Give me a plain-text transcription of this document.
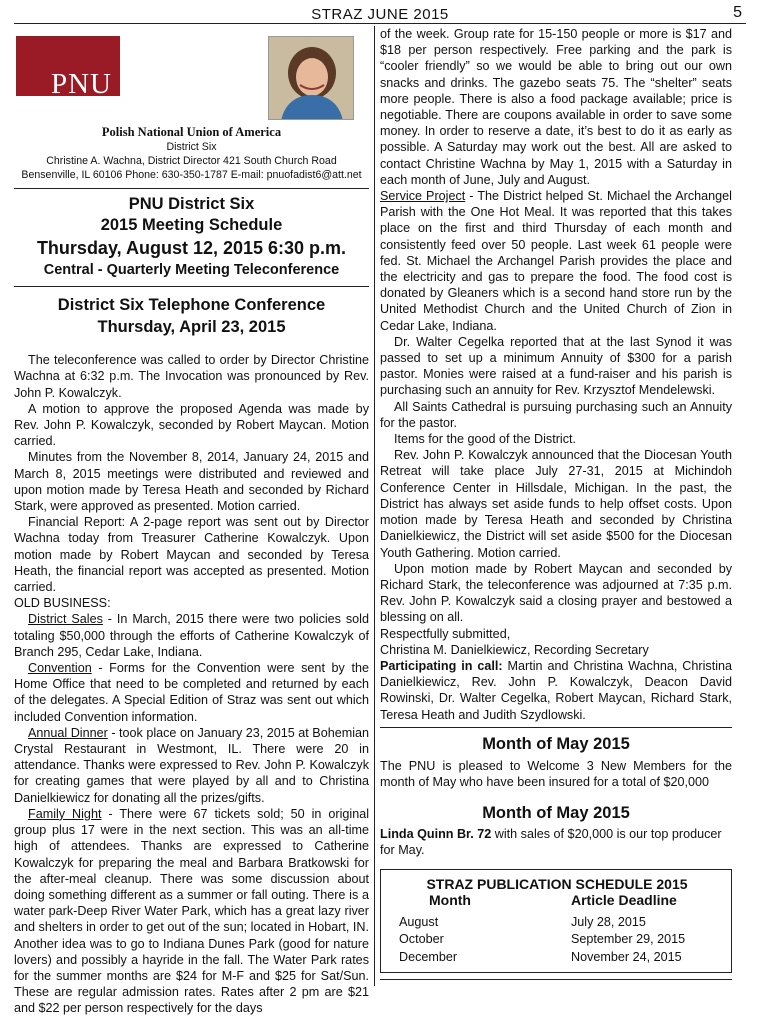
STRAZ JUNE 2015	5
PNU
Polish National Union of America
District Six
Christine A. Wachna, District Director 421 South Church Road
Bensenville, IL 60106 Phone: 630-350-1787 E-mail: pnuofadist6@att.net
PNU District Six
2015 Meeting Schedule
Thursday, August 12, 2015 6:30 p.m.
Central - Quarterly Meeting Teleconference
District Six Telephone Conference
Thursday, April 23, 2015

The teleconference was called to order by Director Christine Wachna at 6:32 p.m. The Invocation was pronounced by Rev. John P. Kowalczyk.

A motion to approve the proposed Agenda was made by Rev. John P. Kowalczyk, seconded by Robert Maycan. Motion carried.

Minutes from the November 8, 2014, January 24, 2015 and March 8, 2015 meetings were distributed and reviewed and upon motion made by Teresa Heath and seconded by Richard Stark, were approved as presented. Motion carried.

Financial Report: A 2-page report was sent out by Director Wachna today from Treasurer Catherine Kowalczyk. Upon motion made by Robert Maycan and seconded by Teresa Heath, the financial report was accepted as presented. Motion carried.

OLD BUSINESS:

District Sales - In March, 2015 there were two policies sold totaling $50,000 through the efforts of Catherine Kowalczyk of Branch 295, Cedar Lake, Indiana.

Convention - Forms for the Convention were sent by the Home Office that need to be completed and returned by each of the delegates. A Special Edition of Straz was sent out which included Convention information.

Annual Dinner - took place on January 23, 2015 at Bohemian Crystal Restaurant in Westmont, IL. There were 20 in attendance. Thanks were expressed to Rev. John P. Kowalczyk for creating games that were played by all and to Christina Danielkiewicz for donating all the prizes/gifts.

Family Night - There were 67 tickets sold; 50 in original group plus 17 were in the next section. This was an all-time high of attendees. Thanks are expressed to Catherine Kowalczyk for preparing the meal and Barbara Bratkowski for the after-meal cleanup. There was some discussion about doing something different as a summer or fall outing. There is a water park-Deep River Water Park, which has a great lazy river and shelters in order to get out of the sun; located in Hobart, IN. Another idea was to go to Indiana Dunes Park (good for nature lovers) and possibly a hayride in the fall. The Water Park rates for the summer months are $24 for M-F and $25 for Sat/Sun. These are regular admission rates. Rates after 2 pm are $21 and $22 per person respectively for the days

of the week. Group rate for 15-150 people or more is $17 and $18 per person respectively. Free parking and the park is “cooler friendly” so we would be able to bring out our own snacks and drinks. The gazebo seats 75. The “shelter” seats more people. There is also a food package available; price is negotiable. There are coupons available in order to save some money. In order to reserve a date, it’s best to do it as early as possible. A Saturday may work out the best. All are asked to contact Christine Wachna by May 1, 2015 with a Saturday in each month of June, July and August.

Service Project - The District helped St. Michael the Archangel Parish with the One Hot Meal. It was reported that this takes place on the first and third Thursday of each month and consistently feed over 50 people. Last week 61 people were fed. St. Michael the Archangel Parish provides the place and the electricity and gas to prepare the food. The food cost is donated by Gleaners which is a second hand store run by the United Methodist Church and the United Church of Zion in Cedar Lake, Indiana.

Dr. Walter Cegelka reported that at the last Synod it was passed to set up a minimum Annuity of $300 for a parish pastor. Monies were raised at a fund-raiser and his parish is purchasing such an annuity for Rev. Krzysztof Mendelewski.

All Saints Cathedral is pursuing purchasing such an Annuity for the pastor.

Items for the good of the District.

Rev. John P. Kowalczyk announced that the Diocesan Youth Retreat will take place July 27-31, 2015 at Michindoh Conference Center in Hillsdale, Michigan. In the past, the District has always set aside funds to help offset costs. Upon motion made by Teresa Heath and seconded by Christina Danielkiewicz, the District will set aside $500 for the Diocesan Youth Gathering. Motion carried.

Upon motion made by Robert Maycan and seconded by Richard Stark, the teleconference was adjourned at 7:35 p.m. Rev. John P. Kowalczyk said a closing prayer and bestowed a blessing on all.

Respectfully submitted,

Christina M. Danielkiewicz, Recording Secretary

Participating in call: Martin and Christina Wachna, Christina Danielkiewicz, Rev. John P. Kowalczyk, Deacon David Rowinski, Dr. Walter Cegelka, Robert Maycan, Richard Stark, Teresa Heath and Judith Szydlowski.

Month of May 2015

The PNU is pleased to Welcome 3 New Members for the month of May who have been insured for a total of $20,000

Month of May 2015

Linda Quinn Br. 72 with sales of $20,000 is our top producer for May.

STRAZ PUBLICATION SCHEDULE 2015
Month	Article Deadline
August	July 28, 2015
October	September 29, 2015
December	November 24, 2015
